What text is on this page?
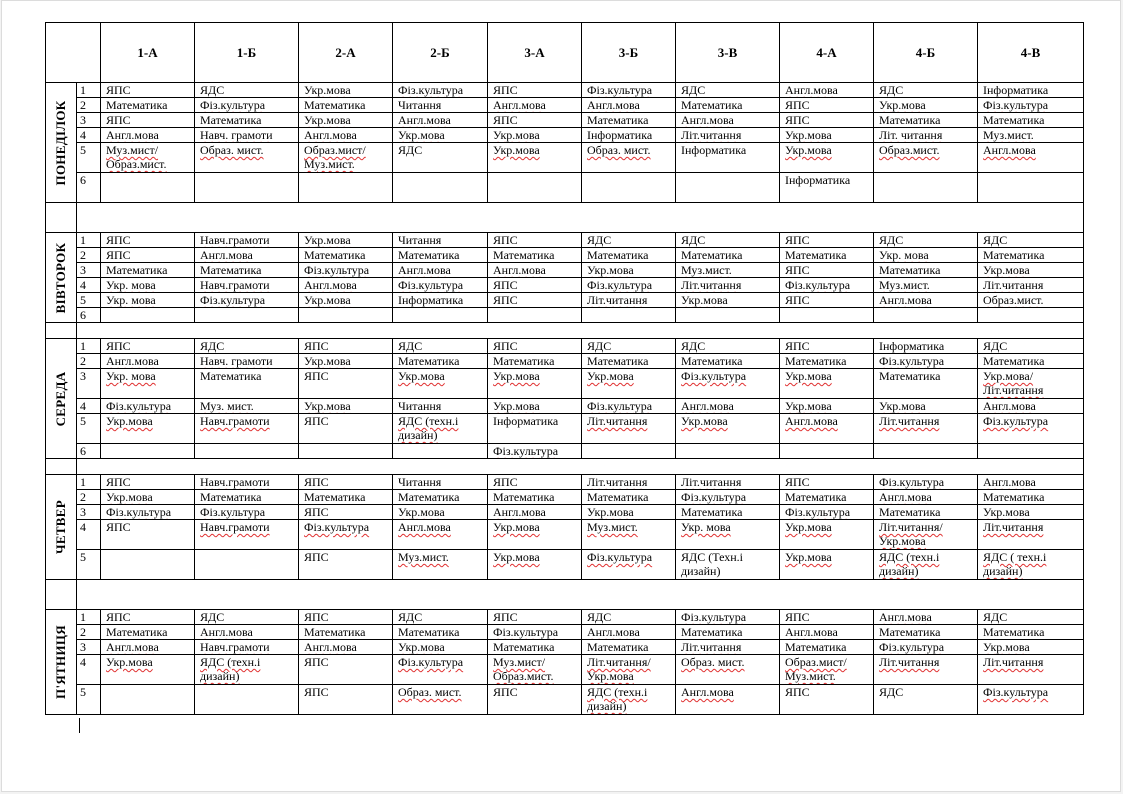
		1-А	1-Б	2-А	2-Б	3-А	3-Б	3-В	4-А	4-Б	4-В

ПОНЕДІЛОК	1	ЯПС	ЯДС	Укр.мова	Фіз.культура	ЯПС	Фіз.культура	ЯДС	Англ.мова	ЯДС	Інформатика
	2	Математика	Фіз.культура	Математика	Читання	Англ.мова	Англ.мова	Математика	ЯПС	Укр.мова	Фіз.культура
	3	ЯПС	Математика	Укр.мова	Англ.мова	ЯПС	Математика	Англ.мова	ЯПС	Математика	Математика
	4	Англ.мова	Навч. грамоти	Англ.мова	Укр.мова	Укр.мова	Інформатика	Літ.читання	Укр.мова	Літ. читання	Муз.мист.
	5	Муз.мист/ Образ.мист.	Образ. мист.	Образ.мист/ Муз.мист.	ЯДС	Укр.мова	Образ. мист.	Інформатика	Укр.мова	Образ.мист.	Англ.мова
	6								Інформатика		

ВІВТОРОК	1	ЯПС	Навч.грамоти	Укр.мова	Читання	ЯПС	ЯДС	ЯДС	ЯПС	ЯДС	ЯДС
	2	ЯПС	Англ.мова	Математика	Математика	Математика	Математика	Математика	Математика	Укр. мова	Математика
	3	Математика	Математика	Фіз.культура	Англ.мова	Англ.мова	Укр.мова	Муз.мист.	ЯПС	Математика	Укр.мова
	4	Укр. мова	Навч.грамоти	Англ.мова	Фіз.культура	ЯПС	Фіз.культура	Літ.читання	Фіз.культура	Муз.мист.	Літ.читання
	5	Укр. мова	Фіз.культура	Укр.мова	Інформатика	ЯПС	Літ.читання	Укр.мова	ЯПС	Англ.мова	Образ.мист.
	6										

СЕРЕДА	1	ЯПС	ЯДС	ЯПС	ЯДС	ЯПС	ЯДС	ЯДС	ЯПС	Інформатика	ЯДС
	2	Англ.мова	Навч. грамоти	Укр.мова	Математика	Математика	Математика	Математика	Математика	Фіз.культура	Математика
	3	Укр. мова	Математика	ЯПС	Укр.мова	Укр.мова	Укр.мова	Фіз.культура	Укр.мова	Математика	Укр.мова/ Літ.читання
	4	Фіз.культура	Муз. мист.	Укр.мова	Читання	Укр.мова	Фіз.культура	Англ.мова	Укр.мова	Укр.мова	Англ.мова
	5	Укр.мова	Навч.грамоти	ЯПС	ЯДС (техн.і дизайн)	Інформатика	Літ.читання	Укр.мова	Англ.мова	Літ.читання	Фіз.культура
	6					Фіз.культура					

ЧЕТВЕР	1	ЯПС	Навч.грамоти	ЯПС	Читання	ЯПС	Літ.читання	Літ.читання	ЯПС	Фіз.культура	Англ.мова
	2	Укр.мова	Математика	Математика	Математика	Математика	Математика	Фіз.культура	Математика	Англ.мова	Математика
	3	Фіз.культура	Фіз.культура	ЯПС	Укр.мова	Англ.мова	Укр.мова	Математика	Фіз.культура	Математика	Укр.мова
	4	ЯПС	Навч.грамоти	Фіз.культура	Англ.мова	Укр.мова	Муз.мист.	Укр. мова	Укр.мова	Літ.читання/ Укр.мова	Літ.читання
	5			ЯПС	Муз.мист.	Укр.мова	Фіз.культура	ЯДС (Техн.і дизайн)	Укр.мова	ЯДС (техн.і дизайн)	ЯДС ( техн.і дизайн)

П'ЯТНИЦЯ	1	ЯПС	ЯДС	ЯПС	ЯДС	ЯПС	ЯДС	Фіз.культура	ЯПС	Англ.мова	ЯДС
	2	Математика	Англ.мова	Математика	Математика	Фіз.культура	Англ.мова	Математика	Англ.мова	Математика	Математика
	3	Англ.мова	Навч.грамоти	Англ.мова	Укр.мова	Математика	Математика	Літ.читання	Математика	Фіз.культура	Укр.мова
	4	Укр.мова	ЯДС (техн.і дизайн)	ЯПС	Фіз.культура	Муз.мист/ Образ.мист.	Літ.читання/ Укр.мова	Образ. мист.	Образ.мист/ Муз.мист.	Літ.читання	Літ.читання
	5			ЯПС	Образ. мист.	ЯПС	ЯДС (техн.і дизайн)	Англ.мова	ЯПС	ЯДС	Фіз.культура
